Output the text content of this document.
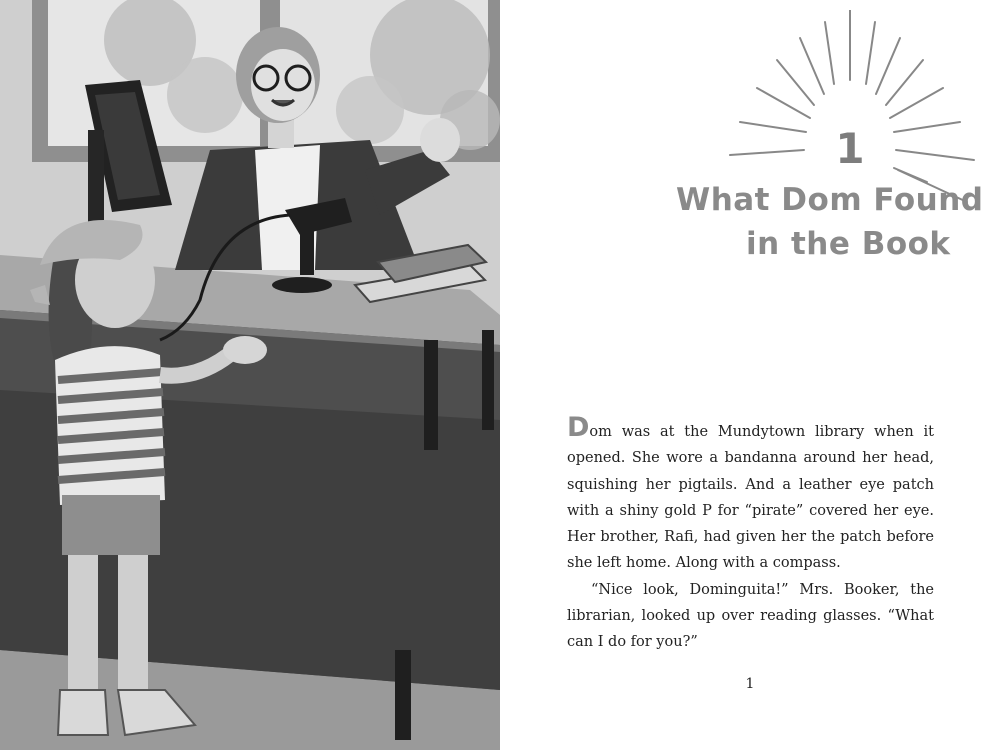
1
What Dom Found
in the Book

Dom was at the Mundytown library when it opened. She wore a bandanna around her head, squishing her pigtails. And a leather eye patch with a shiny gold P for “pirate” covered her eye. Her brother, Rafi, had given her the patch before she left home. Along with a compass.

“Nice look, Dominguita!” Mrs. Booker, the librarian, looked up over reading glasses. “What can I do for you?”

1
